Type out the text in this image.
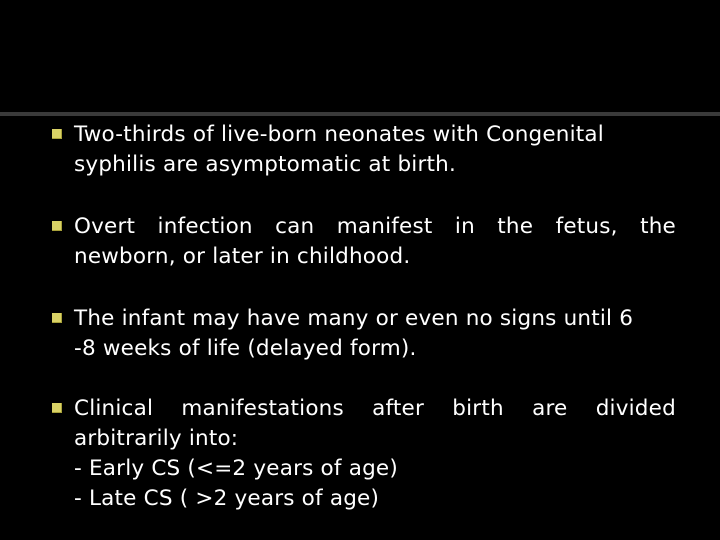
Two-thirds of live-born neonates with Congenital
syphilis are asymptomatic at birth.
Overt infection can manifest in the fetus, the
newborn, or later in childhood.
The infant may have many or even no signs until 6
-8 weeks of life (delayed form).
Clinical manifestations after birth are divided
arbitrarily into:
- Early CS (<=2 years of age)
- Late CS ( >2 years of age)
